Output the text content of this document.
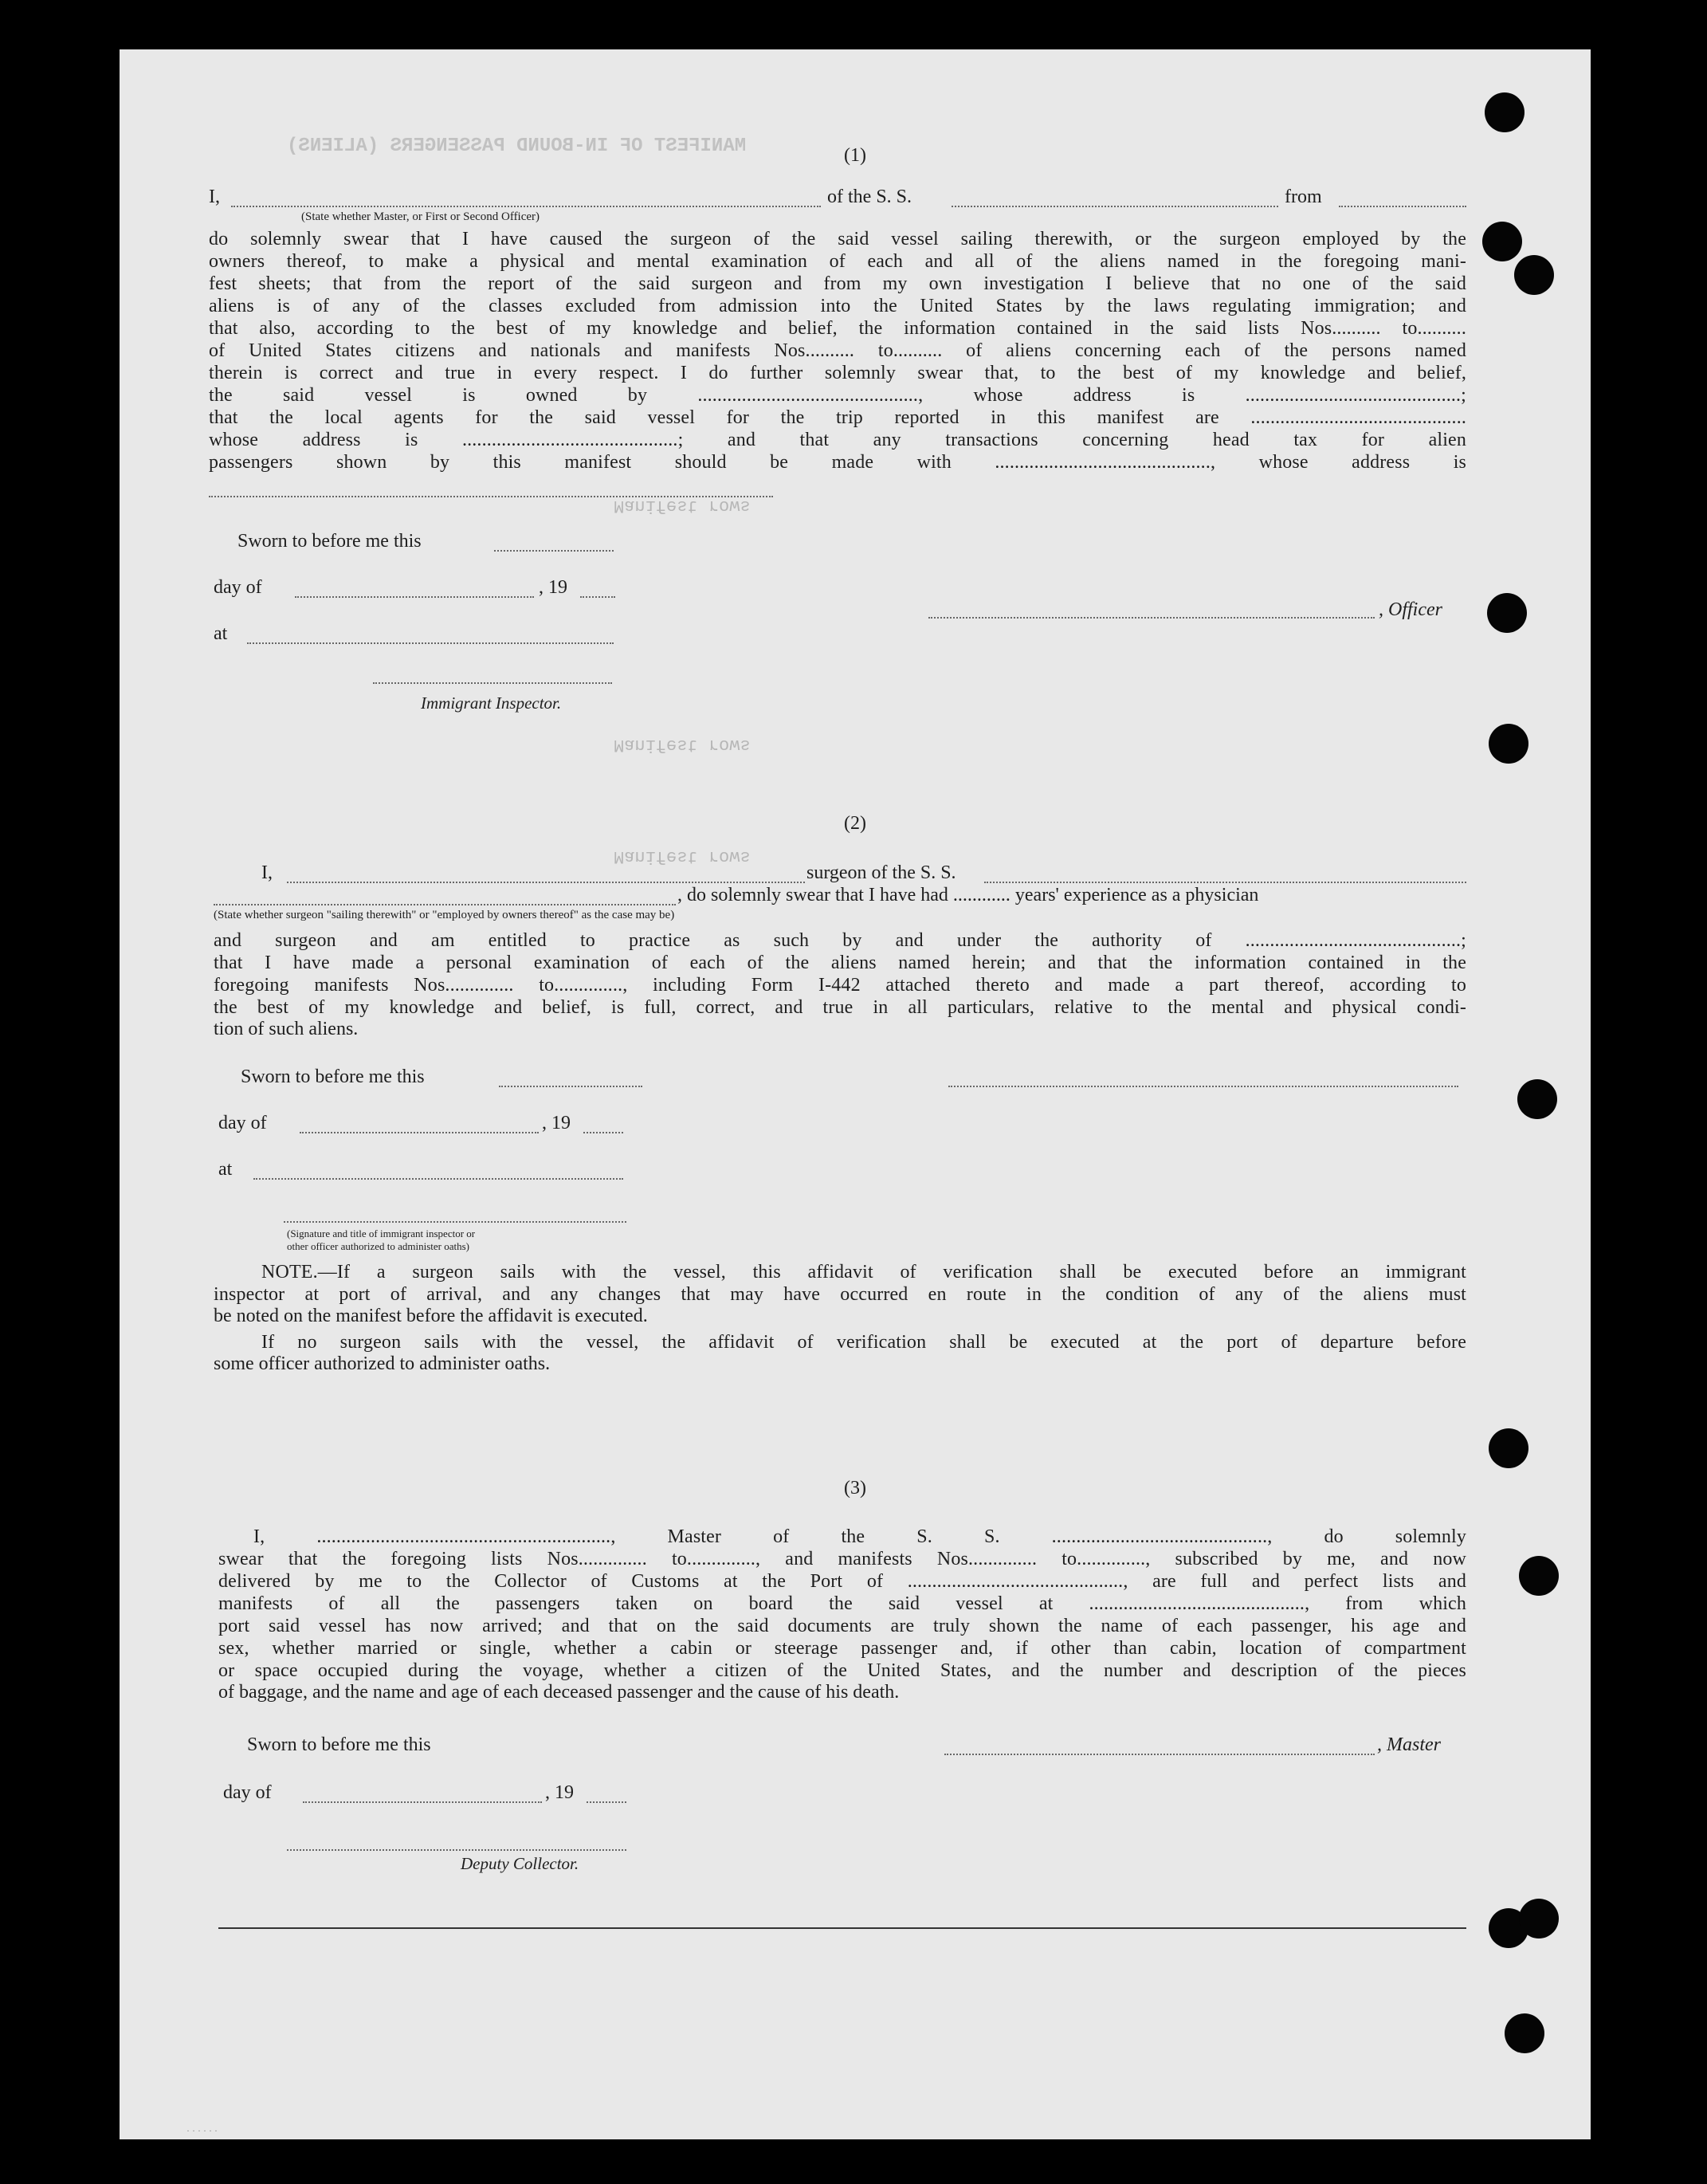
MANIFEST OF IN-BOUND PASSENGERS (ALIENS)
Manifest rows
Manifest rows
Manifest rows
(1)
I,	of the S. S.	from
(State whether Master, or First or Second Officer)
do solemnly swear that I have caused the surgeon of the said vessel sailing therewith, or the surgeon employed by the
owners thereof, to make a physical and mental examination of each and all of the aliens named in the foregoing mani-
fest sheets; that from the report of the said surgeon and from my own investigation I believe that no one of the said
aliens is of any of the classes excluded from admission into the United States by the laws regulating immigration; and
that also, according to the best of my knowledge and belief, the information contained in the said lists Nos.......... to..........
of United States citizens and nationals and manifests Nos.......... to.......... of aliens concerning each of the persons named
therein is correct and true in every respect. I do further solemnly swear that, to the best of my knowledge and belief,
the said vessel is owned by ............................................., whose address is ............................................;
that the local agents for the said vessel for the trip reported in this manifest are ............................................
whose address is ............................................; and that any transactions concerning head tax for alien
passengers shown by this manifest should be made with ............................................, whose address is
Sworn to before me this
day of	, 19
at
Immigrant Inspector.
, Officer
(2)
I,	surgeon of the S. S.
, do solemnly swear that I have had ............ years' experience as a physician
(State whether surgeon "sailing therewith" or "employed by owners thereof" as the case may be)
and surgeon and am entitled to practice as such by and under the authority of ............................................;
that I have made a personal examination of each of the aliens named herein; and that the information contained in the
foregoing manifests Nos.............. to.............., including Form I-442 attached thereto and made a part thereof, according to
the best of my knowledge and belief, is full, correct, and true in all particulars, relative to the mental and physical condi-
tion of such aliens.
Sworn to before me this
day of	, 19
at
(Signature and title of immigrant inspector or
other officer authorized to administer oaths)
NOTE.—If a surgeon sails with the vessel, this affidavit of verification shall be executed before an immigrant
inspector at port of arrival, and any changes that may have occurred en route in the condition of any of the aliens must
be noted on the manifest before the affidavit is executed.
If no surgeon sails with the vessel, the affidavit of verification shall be executed at the port of departure before
some officer authorized to administer oaths.
(3)
I, ............................................................, Master of the S. S. ............................................, do solemnly
swear that the foregoing lists Nos.............. to.............., and manifests Nos.............. to.............., subscribed by me, and now
delivered by me to the Collector of Customs at the Port of ............................................, are full and perfect lists and
manifests of all the passengers taken on board the said vessel at ............................................, from which
port said vessel has now arrived; and that on the said documents are truly shown the name of each passenger, his age and
sex, whether married or single, whether a cabin or steerage passenger and, if other than cabin, location of compartment
or space occupied during the voyage, whether a citizen of the United States, and the number and description of the pieces
of baggage, and the name and age of each deceased passenger and the cause of his death.
Sworn to before me this	, Master
day of	, 19
Deputy Collector.
· · · · · ·
